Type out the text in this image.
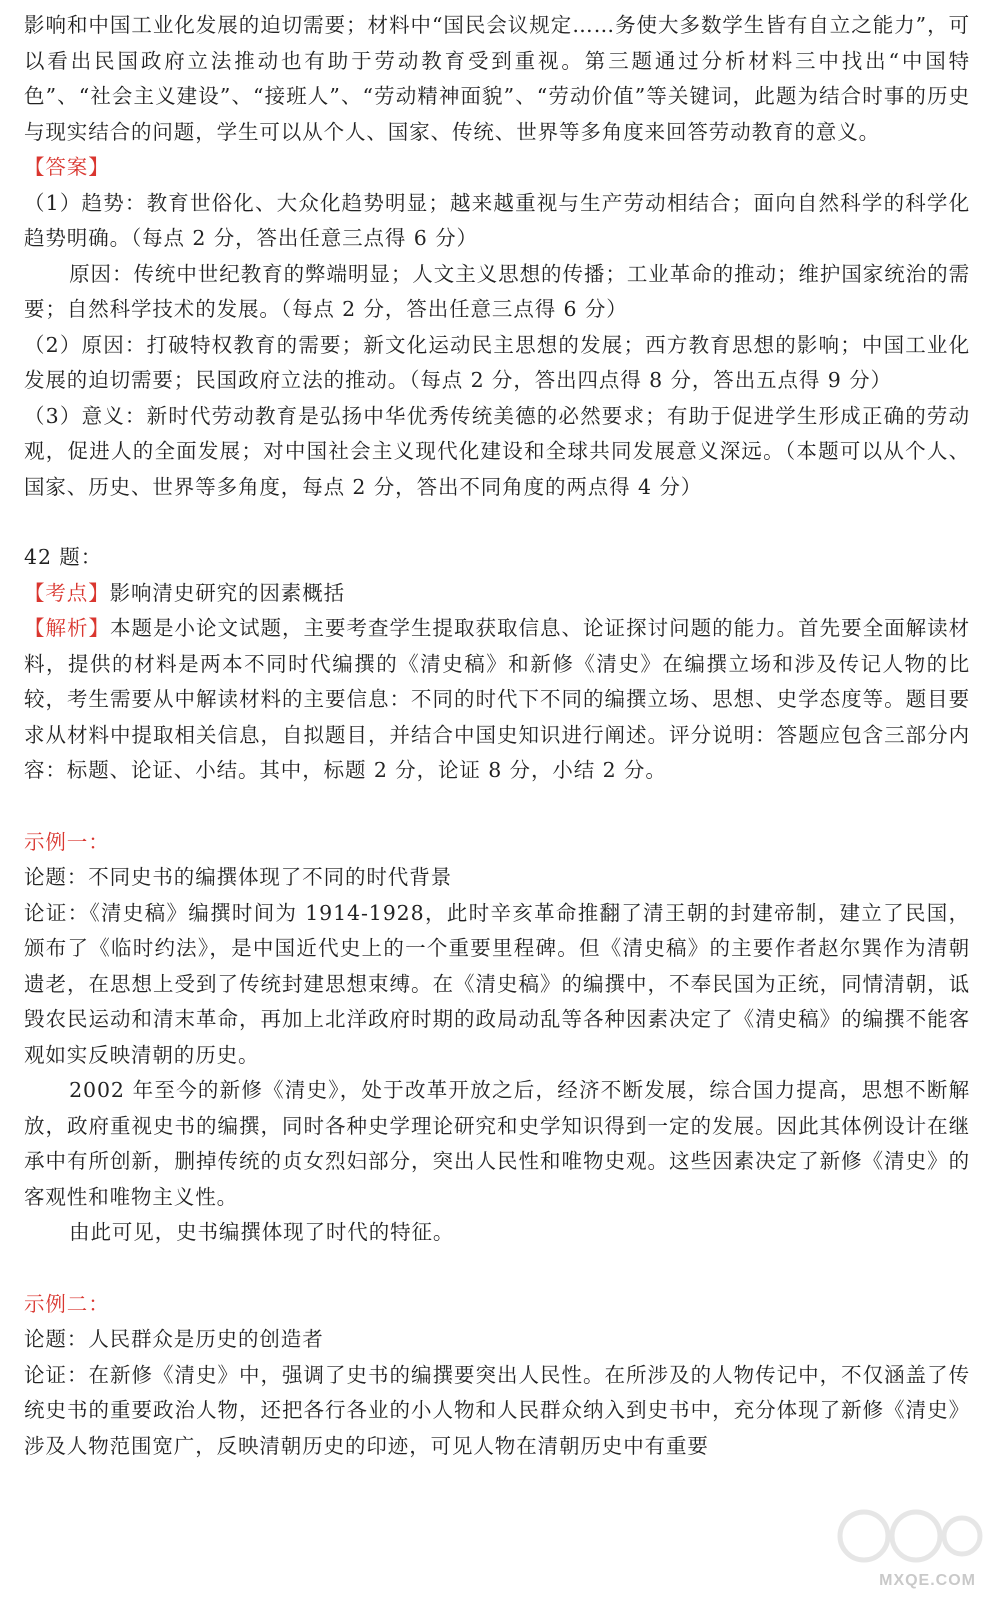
影响和中国工业化发展的迫切需要；材料中“国民会议规定……务使大多数学生皆有自立之能力”，可以看出民国政府立法推动也有助于劳动教育受到重视。第三题通过分析材料三中找出“中国特色”、“社会主义建设”、“接班人”、“劳动精神面貌”、“劳动价值”等关键词，此题为结合时事的历史与现实结合的问题，学生可以从个人、国家、传统、世界等多角度来回答劳动教育的意义。

【答案】

（1）趋势：教育世俗化、大众化趋势明显；越来越重视与生产劳动相结合；面向自然科学的科学化趋势明确。（每点 2 分，答出任意三点得 6 分）

原因：传统中世纪教育的弊端明显；人文主义思想的传播；工业革命的推动；维护国家统治的需要；自然科学技术的发展。（每点 2 分，答出任意三点得 6 分）

（2）原因：打破特权教育的需要；新文化运动民主思想的发展；西方教育思想的影响；中国工业化发展的迫切需要；民国政府立法的推动。（每点 2 分，答出四点得 8 分，答出五点得 9 分）

（3）意义：新时代劳动教育是弘扬中华优秀传统美德的必然要求；有助于促进学生形成正确的劳动观，促进人的全面发展；对中国社会主义现代化建设和全球共同发展意义深远。（本题可以从个人、国家、历史、世界等多角度，每点 2 分，答出不同角度的两点得 4 分）

42 题：

【考点】影响清史研究的因素概括

【解析】本题是小论文试题，主要考查学生提取获取信息、论证探讨问题的能力。首先要全面解读材料，提供的材料是两本不同时代编撰的《清史稿》和新修《清史》在编撰立场和涉及传记人物的比较，考生需要从中解读材料的主要信息：不同的时代下不同的编撰立场、思想、史学态度等。题目要求从材料中提取相关信息，自拟题目，并结合中国史知识进行阐述。评分说明：答题应包含三部分内容：标题、论证、小结。其中，标题 2 分，论证 8 分，小结 2 分。

示例一：

论题：不同史书的编撰体现了不同的时代背景

论证：《清史稿》编撰时间为 1914-1928，此时辛亥革命推翻了清王朝的封建帝制，建立了民国，颁布了《临时约法》，是中国近代史上的一个重要里程碑。但《清史稿》的主要作者赵尔巽作为清朝遗老，在思想上受到了传统封建思想束缚。在《清史稿》的编撰中，不奉民国为正统，同情清朝，诋毁农民运动和清末革命，再加上北洋政府时期的政局动乱等各种因素决定了《清史稿》的编撰不能客观如实反映清朝的历史。

2002 年至今的新修《清史》，处于改革开放之后，经济不断发展，综合国力提高，思想不断解放，政府重视史书的编撰，同时各种史学理论研究和史学知识得到一定的发展。因此其体例设计在继承中有所创新，删掉传统的贞女烈妇部分，突出人民性和唯物史观。这些因素决定了新修《清史》的客观性和唯物主义性。

由此可见，史书编撰体现了时代的特征。

示例二：

论题：人民群众是历史的创造者

论证：在新修《清史》中，强调了史书的编撰要突出人民性。在所涉及的人物传记中，不仅涵盖了传统史书的重要政治人物，还把各行各业的小人物和人民群众纳入到史书中，充分体现了新修《清史》涉及人物范围宽广，反映清朝历史的印迹，可见人物在清朝历史中有重要

MXQE.COM
